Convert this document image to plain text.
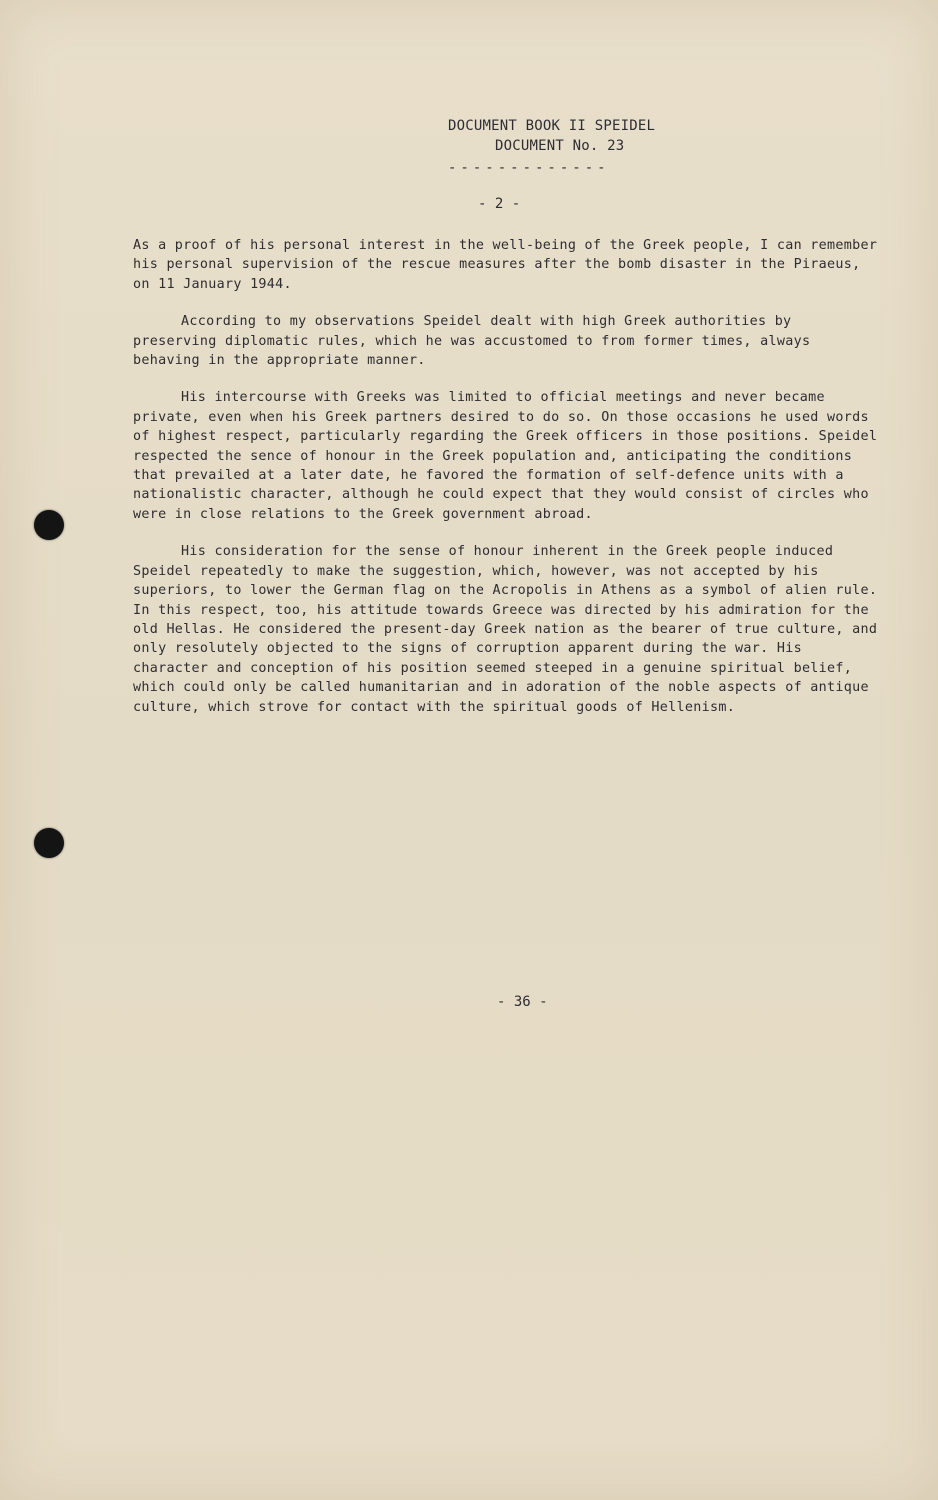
DOCUMENT BOOK II SPEIDEL
DOCUMENT No. 23
-------------
- 2 -

As a proof of his personal interest in the well-being of the Greek people, I can remember his personal supervision of the rescue measures after the bomb disaster in the Piraeus, on 11 January 1944.

According to my observations Speidel dealt with high Greek authorities by preserving diplomatic rules, which he was accustomed to from former times, always behaving in the appropriate manner.

His intercourse with Greeks was limited to official meetings and never became private, even when his Greek partners desired to do so. On those occasions he used words of highest respect, particularly regarding the Greek officers in those positions. Speidel respected the sence of honour in the Greek population and, anticipating the conditions that prevailed at a later date, he favored the formation of self-defence units with a nationalistic character, although he could expect that they would consist of circles who were in close relations to the Greek government abroad.

His consideration for the sense of honour inherent in the Greek people induced Speidel repeatedly to make the suggestion, which, however, was not accepted by his superiors, to lower the German flag on the Acropolis in Athens as a symbol of alien rule. In this respect, too, his attitude towards Greece was directed by his admiration for the old Hellas. He considered the present-day Greek nation as the bearer of true culture, and only resolutely objected to the signs of corruption apparent during the war. His character and conception of his position seemed steeped in a genuine spiritual belief, which could only be called humanitarian and in adoration of the noble aspects of antique culture, which strove for contact with the spiritual goods of Hellenism.

- 36 -
